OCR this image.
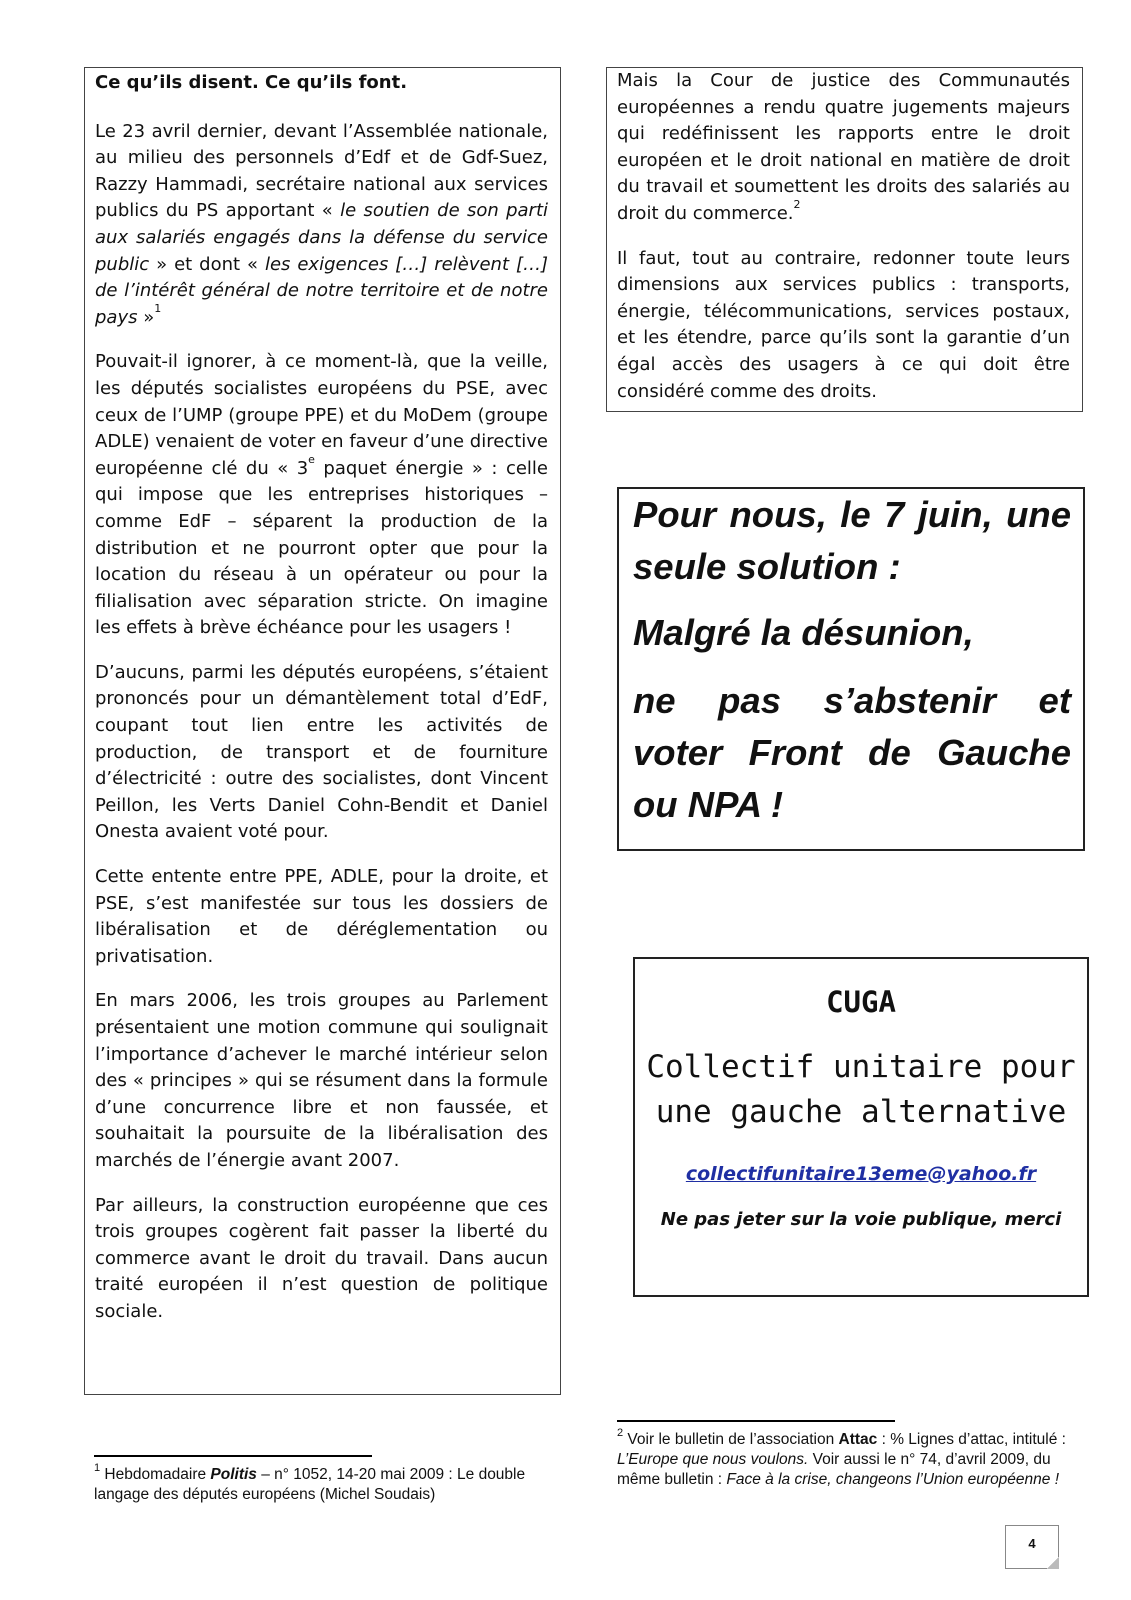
Ce qu’ils disent. Ce qu’ils font.

Le 23 avril dernier, devant l’Assemblée nationale, au milieu des personnels d’Edf et de Gdf-Suez, Razzy Hammadi, secrétaire national aux services publics du PS apportant « le soutien de son parti aux salariés engagés dans la défense du service public » et dont « les exigences […] relèvent […] de l’intérêt général de notre territoire et de notre pays »$^1$

Pouvait-il ignorer, à ce moment-là, que la veille, les députés socialistes européens du PSE, avec ceux de l’UMP (groupe PPE) et du MoDem (groupe ADLE) venaient de voter en faveur d’une directive européenne clé du « 3e paquet énergie » : celle qui impose que les entreprises historiques – comme EdF – séparent la production de la distribution et ne pourront opter que pour la location du réseau à un opérateur ou pour la filialisation avec séparation stricte. On imagine les effets à brève échéance pour les usagers !

D’aucuns, parmi les députés européens, s’étaient prononcés pour un démantèlement total d’EdF, coupant tout lien entre les activités de production, de transport et de fourniture d’électricité : outre des socialistes, dont Vincent Peillon, les Verts Daniel Cohn-Bendit et Daniel Onesta avaient voté pour.

Cette entente entre PPE, ADLE, pour la droite, et PSE, s’est manifestée sur tous les dossiers de libéralisation et de déréglementation ou privatisation.

En mars 2006, les trois groupes au Parlement présentaient une motion commune qui soulignait l’importance d’achever le marché intérieur selon des « principes » qui se résument dans la formule d’une concurrence libre et non faussée, et souhaitait la poursuite de la libéralisation des marchés de l’énergie avant 2007.

Par ailleurs, la construction européenne que ces trois groupes cogèrent fait passer la liberté du commerce avant le droit du travail. Dans aucun traité européen il n’est question de politique sociale.

Mais la Cour de justice des Communautés européennes a rendu quatre jugements majeurs qui redéfinissent les rapports entre le droit européen et le droit national en matière de droit du travail et soumettent les droits des salariés au droit du commerce.$^2$

Il faut, tout au contraire, redonner toute leurs dimensions aux services publics : transports, énergie, télécommunications, services postaux, et les étendre, parce qu’ils sont la garantie d’un égal accès des usagers à ce qui doit être considéré comme des droits.

Pour nous, le 7 juin, une seule solution :

Malgré la désunion,

ne pas s’abstenir et voter Front de Gauche ou NPA !

CUGA
Collectif unitaire pour une gauche alternative
collectifunitaire13eme@yahoo.fr
Ne pas jeter sur la voie publique, merci
$^1$ Hebdomadaire Politis – n° 1052, 14-20 mai 2009 : Le double langage des députés européens (Michel Soudais)
$^2$ Voir le bulletin de l’association Attac : % Lignes d’attac, intitulé : L’Europe que nous voulons. Voir aussi le n° 74, d’avril 2009, du même bulletin : Face à la crise, changeons l’Union européenne !
4
